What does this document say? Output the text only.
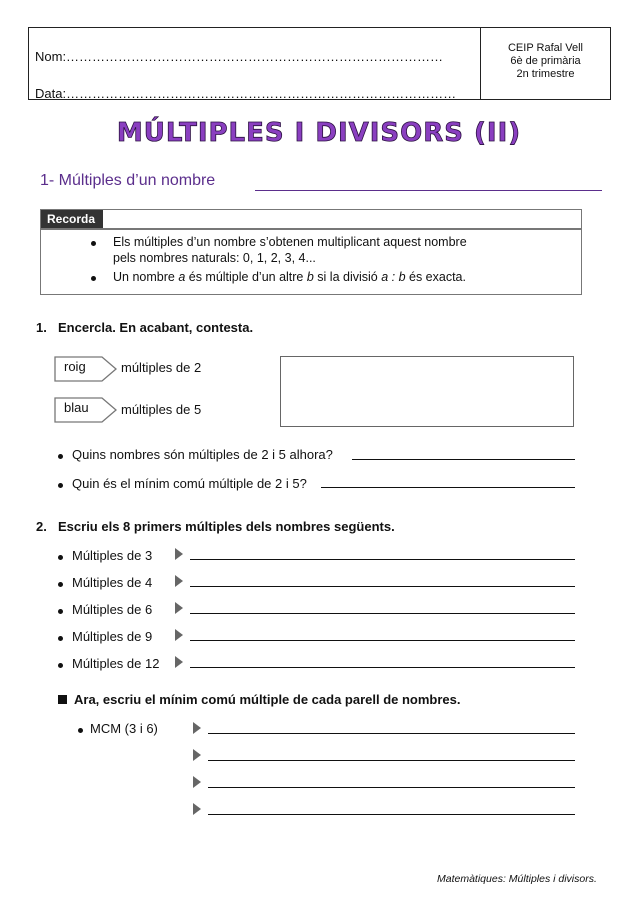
Nom:……………………………………………………………………………
Data:………………………………………………………………………………
CEIP Rafal Vell
6è de primària
2n trimestre
MÚLTIPLES I DIVISORS (II)
1- Múltiples d’un nombre
Recorda
Els múltiples d’un nombre s’obtenen multiplicant aquest nombre
pels nombres naturals: 0, 1, 2, 3, 4...
Un nombre a és múltiple d’un altre b si la divisió a : b és exacta.
1. Encercla. En acabant, contesta.
roig	múltiples de 2
blau múltiples de 5
Quins nombres són múltiples de 2 i 5 alhora?
Quin és el mínim comú múltiple de 2 i 5?
2. Escriu els 8 primers múltiples dels nombres següents.
Múltiples de 3
Múltiples de 4
Múltiples de 6
Múltiples de 9
Múltiples de 12
Ara, escriu el mínim comú múltiple de cada parell de nombres.
MCM (3 i 6)
Matemàtiques: Múltiples i divisors.
